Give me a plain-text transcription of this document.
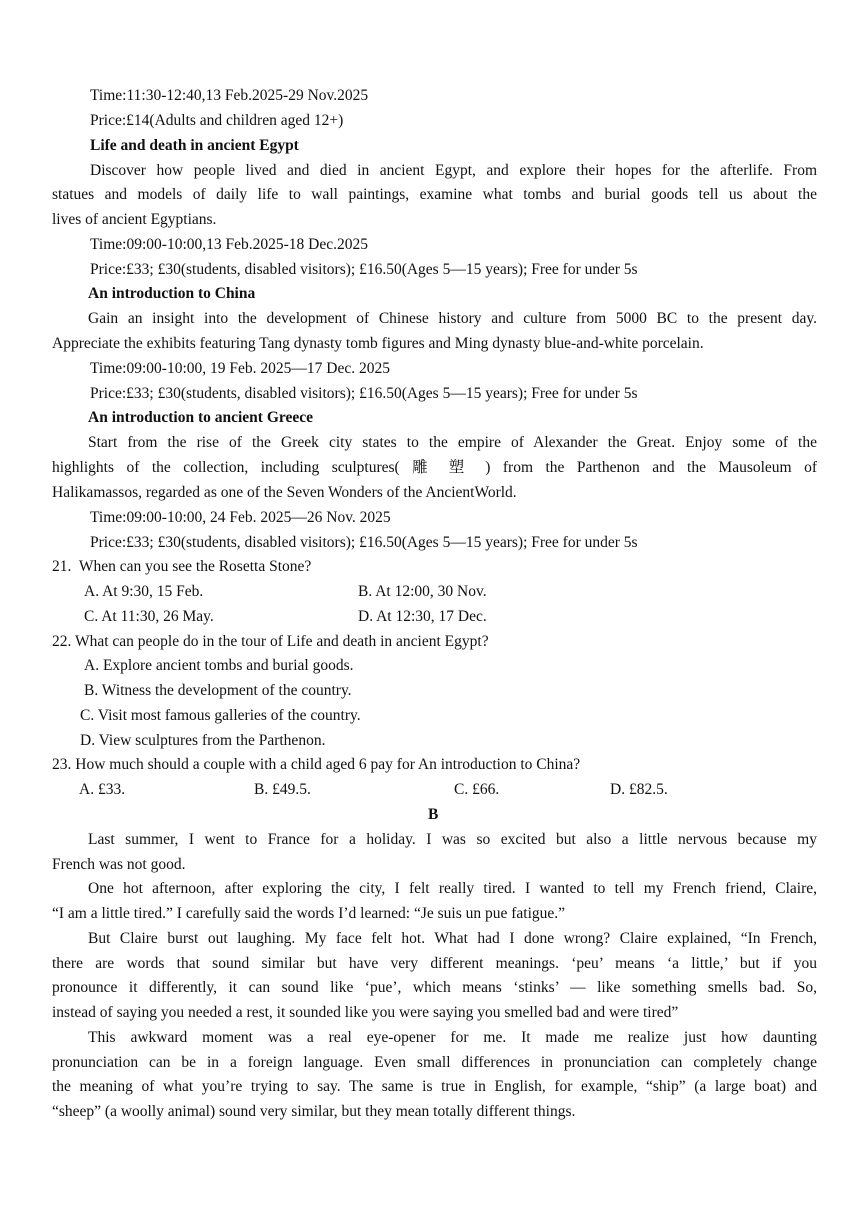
Time:11:30-12:40,13 Feb.2025-29 Nov.2025
Price:£14(Adults and children aged 12+)
Life and death in ancient Egypt
Discover how people lived and died in ancient Egypt, and explore their hopes for the afterlife. From
statues and models of daily life to wall paintings, examine what tombs and burial goods tell us about the
lives of ancient Egyptians.
Time:09:00-10:00,13 Feb.2025-18 Dec.2025
Price:£33; £30(students, disabled visitors); £16.50(Ages 5—15 years); Free for under 5s
An introduction to China
Gain an insight into the development of Chinese history and culture from 5000 BC to the present day.
Appreciate the exhibits featuring Tang dynasty tomb figures and Ming dynasty blue-and-white porcelain.
Time:09:00-10:00, 19 Feb. 2025—17 Dec. 2025
Price:£33; £30(students, disabled visitors); £16.50(Ages 5—15 years); Free for under 5s
An introduction to ancient Greece
Start from the rise of the Greek city states to the empire of Alexander the Great. Enjoy some of the
highlights of the collection, including sculptures( 雕 塑 ) from the Parthenon and the Mausoleum of
Halikamassos, regarded as one of the Seven Wonders of the AncientWorld.
Time:09:00-10:00, 24 Feb. 2025—26 Nov. 2025
Price:£33; £30(students, disabled visitors); £16.50(Ages 5—15 years); Free for under 5s
21.  When can you see the Rosetta Stone?
A. At 9:30, 15 Feb.	B. At 12:00, 30 Nov.
C. At 11:30, 26 May.	D. At 12:30, 17 Dec.
22. What can people do in the tour of Life and death in ancient Egypt?
A. Explore ancient tombs and burial goods.
B. Witness the development of the country.
C. Visit most famous galleries of the country.
D. View sculptures from the Parthenon.
23. How much should a couple with a child aged 6 pay for An introduction to China?
A. £33.	B. £49.5.	C. £66.	D. £82.5.
B
Last summer, I went to France for a holiday. I was so excited but also a little nervous because my
French was not good.
One hot afternoon, after exploring the city, I felt really tired. I wanted to tell my French friend, Claire,
“I am a little tired.” I carefully said the words I’d learned: “Je suis un pue fatigue.”
But Claire burst out laughing. My face felt hot. What had I done wrong? Claire explained, “In French,
there are words that sound similar but have very different meanings. ‘peu’ means ‘a little,’ but if you
pronounce it differently, it can sound like ‘pue’, which means ‘stinks’ — like something smells bad. So,
instead of saying you needed a rest, it sounded like you were saying you smelled bad and were tired”
This awkward moment was a real eye-opener for me. It made me realize just how daunting
pronunciation can be in a foreign language. Even small differences in pronunciation can completely change
the meaning of what you’re trying to say. The same is true in English, for example, “ship” (a large boat) and
“sheep” (a woolly animal) sound very similar, but they mean totally different things.
